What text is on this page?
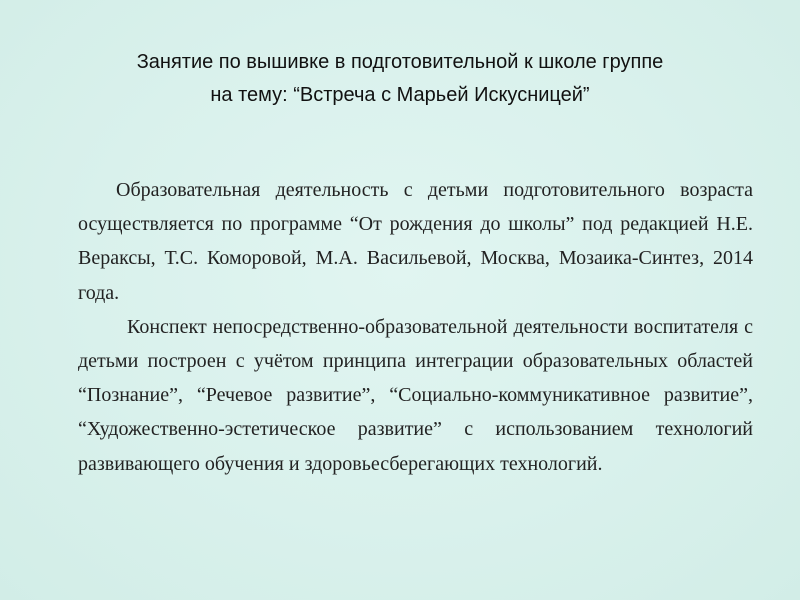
Занятие по вышивке в подготовительной к школе группе
на тему: “Встреча с Марьей Искусницей”

Образовательная деятельность с детьми подготовительного возраста осуществляется по программе “От рождения до школы” под редакцией Н.Е. Вераксы, Т.С. Коморовой, М.А. Васильевой, Москва, Мозаика-Синтез, 2014 года.

Конспект непосредственно-образовательной деятельности воспитателя с детьми построен с учётом принципа интеграции образовательных областей “Познание”, “Речевое развитие”, “Социально-коммуникативное развитие”, “Художественно-эстетическое развитие” с использованием технологий развивающего обучения и здоровьесберегающих технологий.
